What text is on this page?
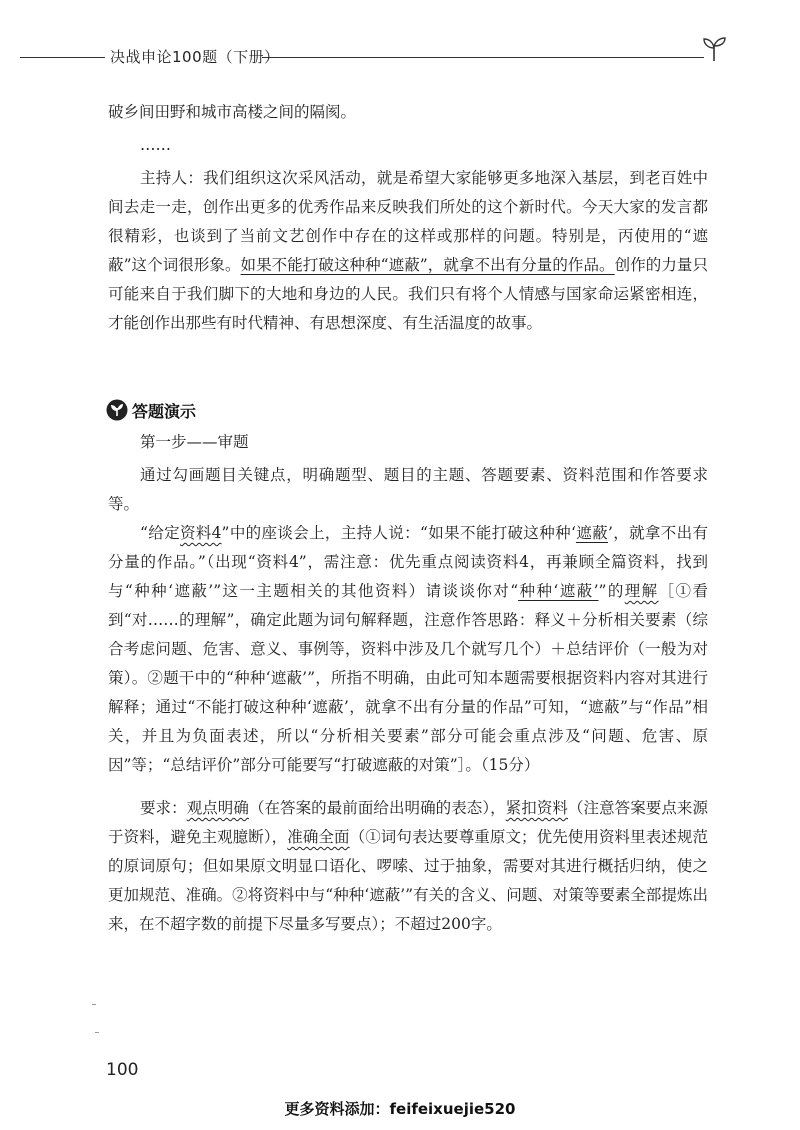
决战申论100题（下册）

破乡间田野和城市高楼之间的隔阂。

……

主持人：我们组织这次采风活动，就是希望大家能够更多地深入基层，到老百姓中间去走一走，创作出更多的优秀作品来反映我们所处的这个新时代。今天大家的发言都很精彩，也谈到了当前文艺创作中存在的这样或那样的问题。特别是，丙使用的“遮蔽”这个词很形象。如果不能打破这种种“遮蔽”，就拿不出有分量的作品。创作的力量只可能来自于我们脚下的大地和身边的人民。我们只有将个人情感与国家命运紧密相连，才能创作出那些有时代精神、有思想深度、有生活温度的故事。

答题演示

第一步——审题

通过勾画题目关键点，明确题型、题目的主题、答题要素、资料范围和作答要求等。

“给定资料4”中的座谈会上，主持人说：“如果不能打破这种种‘遮蔽’，就拿不出有分量的作品。”（出现“资料4”，需注意：优先重点阅读资料4，再兼顾全篇资料，找到与“种种‘遮蔽’”这一主题相关的其他资料）请谈谈你对“种种‘遮蔽’”的理解［①看到“对……的理解”，确定此题为词句解释题，注意作答思路：释义＋分析相关要素（综合考虑问题、危害、意义、事例等，资料中涉及几个就写几个）＋总结评价（一般为对策）。②题干中的“种种‘遮蔽’”，所指不明确，由此可知本题需要根据资料内容对其进行解释；通过“不能打破这种种‘遮蔽’，就拿不出有分量的作品”可知，“遮蔽”与“作品”相关，并且为负面表述，所以“分析相关要素”部分可能会重点涉及“问题、危害、原因”等；“总结评价”部分可能要写“打破遮蔽的对策”］。（15分）

要求：观点明确（在答案的最前面给出明确的表态），紧扣资料（注意答案要点来源于资料，避免主观臆断），准确全面（①词句表达要尊重原文；优先使用资料里表述规范的原词原句；但如果原文明显口语化、啰嗦、过于抽象，需要对其进行概括归纳，使之更加规范、准确。②将资料中与“种种‘遮蔽’”有关的含义、问题、对策等要素全部提炼出来，在不超字数的前提下尽量多写要点）；不超过200字。

100
更多资料添加：feifeixuejie520
